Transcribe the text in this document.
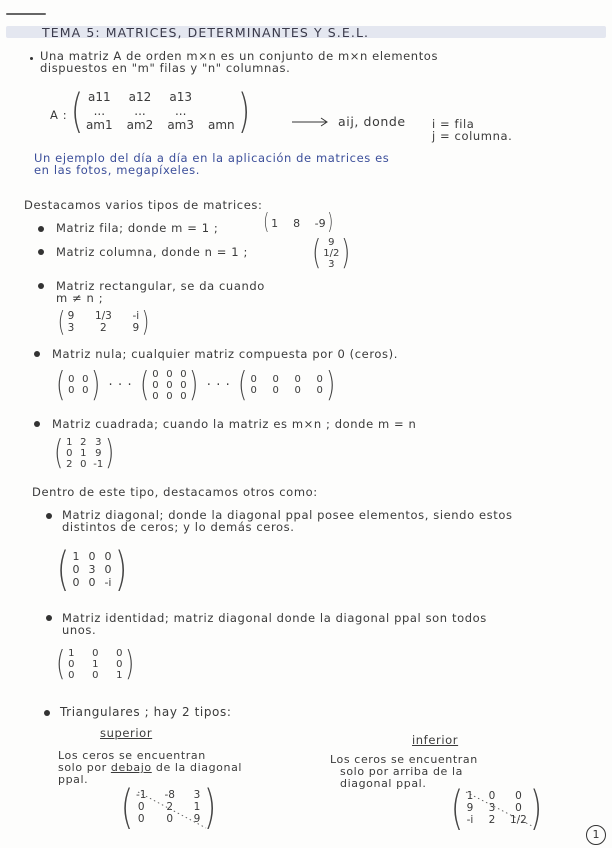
TEMA 5: MATRICES, DETERMINANTES Y S.E.L.
Una matriz A de orden m×n es un conjunto de m×n elementos
dispuestos en "m" filas y "n" columnas.
A : ( a11 a12 a13
...	...	...
am1 am2 am3 amn )	aij, donde i = fila
j = columna.
Un ejemplo del día a día en la aplicación de matrices es
en las fotos, megapíxeles.
Destacamos varios tipos de matrices:
Matriz fila; donde m = 1 ; ( 1 8 -9 )
Matriz columna, donde n = 1 ; ( 9
1/2
3 )
Matriz rectangular, se da cuando
m ≠ n ;
( 9 1/3 -i
3	2	9 )
Matriz nula; cualquier matriz compuesta por 0 (ceros).
( 0 0
0 0 ) · · · ( 0 0 0
0 0 0
0 0 0 ) · · · ( 0 0 0 0
0 0 0 0 )
Matriz cuadrada; cuando la matriz es m×n ; donde m = n
( 1 2 3
0 1 9
2 0 -1 )
Dentro de este tipo, destacamos otros como:
Matriz diagonal; donde la diagonal ppal posee elementos, siendo estos
distintos de ceros; y lo demás ceros.
( 1 0 0
0 3 0
0 0 -i )
Matriz identidad; matriz diagonal donde la diagonal ppal son todos
unos.
( 1 0 0
0 1 0
0 0 1 )
Triangulares ; hay 2 tipos:
superior
Los ceros se encuentran
solo por debajo de la diagonal
ppal.
( -1 -8 3
0 2 1
0 0 9 )
inferior
Los ceros se encuentran
solo por arriba de la
diagonal ppal. ( 1 0	0
9 3	0
-i 2 1/2 )	1
